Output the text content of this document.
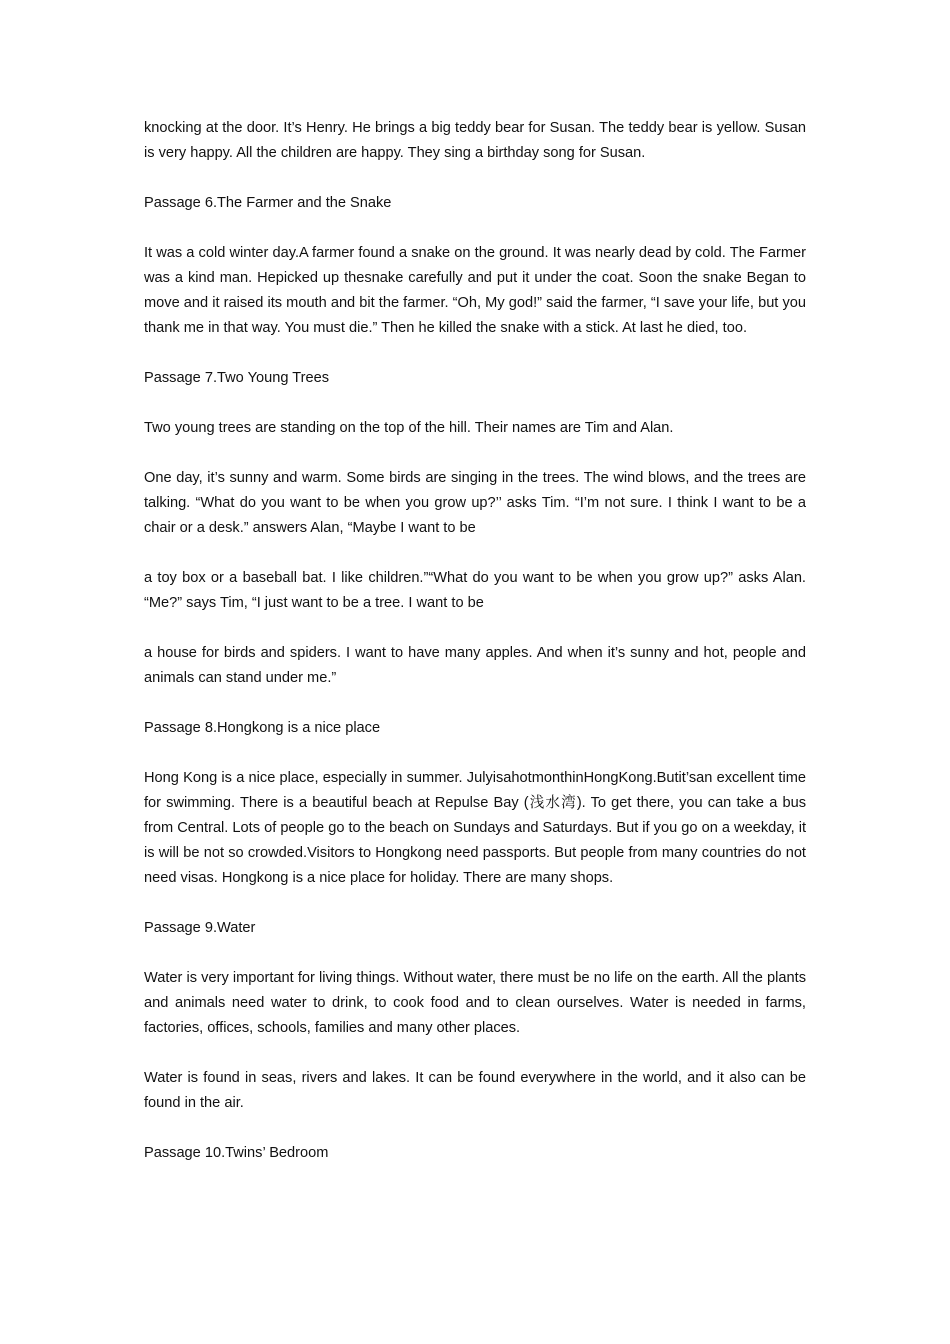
knocking at the door. It’s Henry. He brings a big teddy bear for Susan. The teddy bear is yellow. Susan is very happy. All the children are happy. They sing a birthday song for Susan.

Passage 6.The Farmer and the Snake

It was a cold winter day.A farmer found a snake on the ground. It was nearly dead by cold. The Farmer was a kind man. Hepicked up thesnake carefully and put it under the coat. Soon the snake Began to move and it raised its mouth and bit the farmer. “Oh, My god!” said the farmer, “I save your life, but you thank me in that way. You must die.” Then he killed the snake with a stick. At last he died, too.

Passage 7.Two Young Trees

Two young trees are standing on the top of the hill. Their names are Tim and Alan.

One day, it’s sunny and warm. Some birds are singing in the trees. The wind blows, and the trees are talking. “What do you want to be when you grow up?’’ asks Tim. “I’m not sure. I think I want to be a chair or a desk.” answers Alan, “Maybe I want to be

a toy box or a baseball bat. I like children.”“What do you want to be when you grow up?” asks Alan. “Me?” says Tim, “I just want to be a tree. I want to be

a house for birds and spiders. I want to have many apples. And when it’s sunny and hot, people and animals can stand under me.”

Passage 8.Hongkong is a nice place

Hong Kong is a nice place, especially in summer. JulyisahotmonthinHongKong.Butit’san excellent time for swimming. There is a beautiful beach at Repulse Bay (浅水湾). To get there, you can take a bus from Central. Lots of people go to the beach on Sundays and Saturdays. But if you go on a weekday, it is will be not so crowded.Visitors to Hongkong need passports. But people from many countries do not need visas. Hongkong is a nice place for holiday. There are many shops.

Passage 9.Water

Water is very important for living things. Without water, there must be no life on the earth. All the plants and animals need water to drink, to cook food and to clean ourselves. Water is needed in farms, factories, offices, schools, families and many other places.

Water is found in seas, rivers and lakes. It can be found everywhere in the world, and it also can be found in the air.

Passage 10.Twins’ Bedroom
